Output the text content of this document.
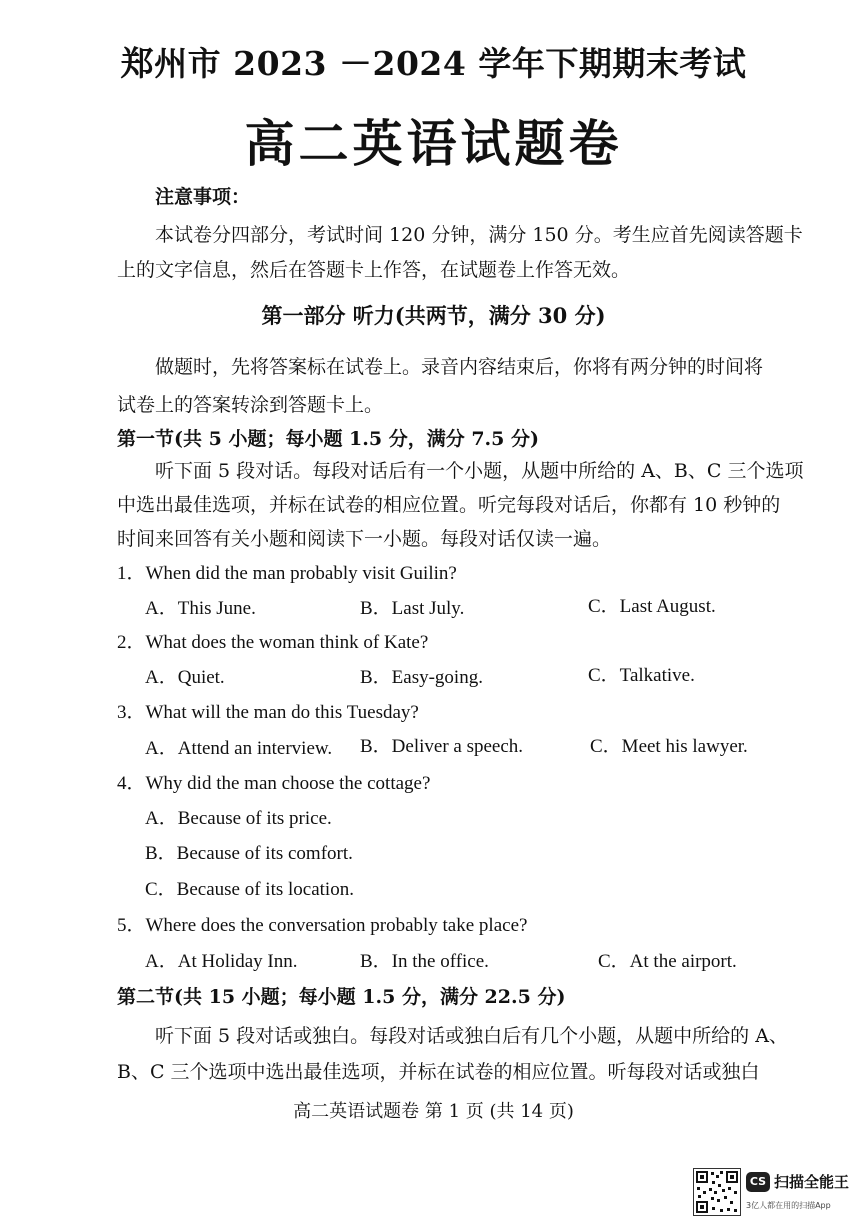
郑州市 2023 －2024 学年下期期末考试
高二英语试题卷
注意事项：
本试卷分四部分，考试时间 120 分钟，满分 150 分。考生应首先阅读答题卡
上的文字信息，然后在答题卡上作答，在试题卷上作答无效。
第一部分 听力(共两节，满分 30 分)
做题时，先将答案标在试卷上。录音内容结束后，你将有两分钟的时间将
试卷上的答案转涂到答题卡上。
第一节(共 5 小题；每小题 1.5 分，满分 7.5 分)
听下面 5 段对话。每段对话后有一个小题，从题中所给的 A、B、C 三个选项
中选出最佳选项，并标在试卷的相应位置。听完每段对话后，你都有 10 秒钟的
时间来回答有关小题和阅读下一小题。每段对话仅读一遍。
1．When did the man probably visit Guilin?
A．This June.	B．Last July.	C．Last August.
2．What does the woman think of Kate?
A．Quiet.	B．Easy-going.	C．Talkative.
3．What will the man do this Tuesday?
A．Attend an interview. B．Deliver a speech.	C．Meet his lawyer.
4．Why did the man choose the cottage?
A．Because of its price.
B．Because of its comfort.
C．Because of its location.
5．Where does the conversation probably take place?
A．At Holiday Inn.	B．In the office.	C．At the airport.
第二节(共 15 小题；每小题 1.5 分，满分 22.5 分)
听下面 5 段对话或独白。每段对话或独白后有几个小题，从题中所给的 A、
B、C 三个选项中选出最佳选项，并标在试卷的相应位置。听每段对话或独白
高二英语试题卷 第 1 页 (共 14 页)
CS 扫描全能王
3亿人都在用的扫描App
